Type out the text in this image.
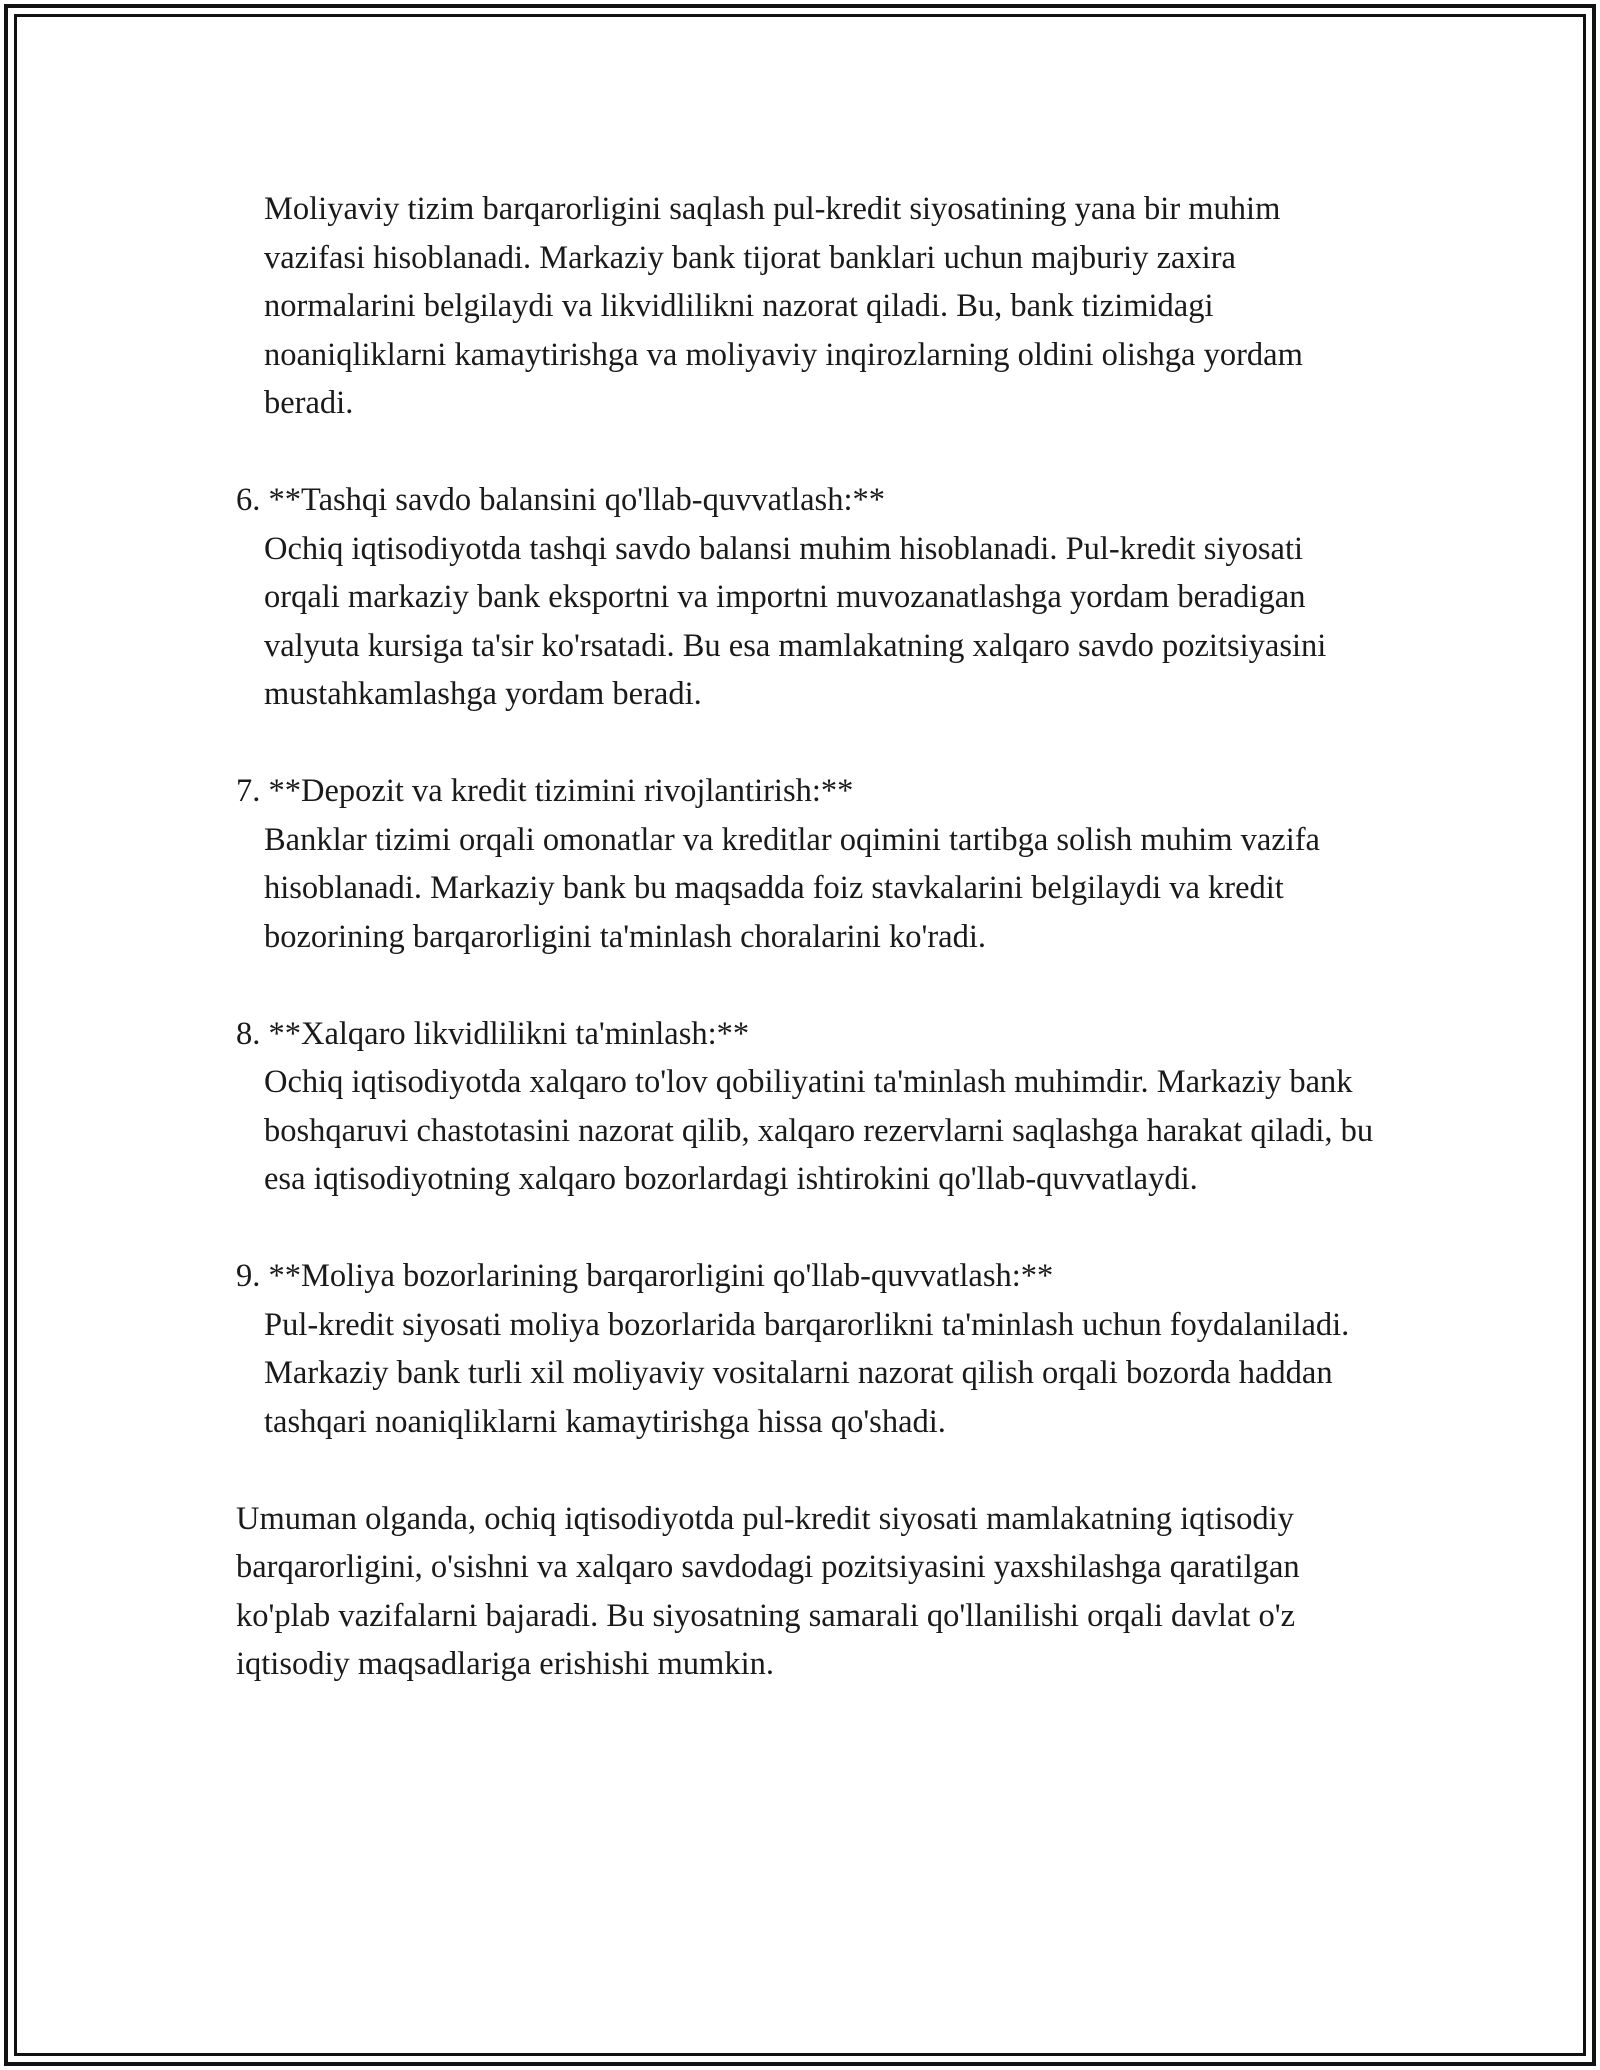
Moliyaviy tizim barqarorligini saqlash pul-kredit siyosatining yana bir muhim vazifasi hisoblanadi. Markaziy bank tijorat banklari uchun majburiy zaxira normalarini belgilaydi va likvidlilikni nazorat qiladi. Bu, bank tizimidagi noaniqliklarni kamaytirishga va moliyaviy inqirozlarning oldini olishga yordam beradi.

6. **Tashqi savdo balansini qo'llab-quvvatlash:**

Ochiq iqtisodiyotda tashqi savdo balansi muhim hisoblanadi. Pul-kredit siyosati orqali markaziy bank eksportni va importni muvozanatlashga yordam beradigan valyuta kursiga ta'sir ko'rsatadi. Bu esa mamlakatning xalqaro savdo pozitsiyasini mustahkamlashga yordam beradi.

7. **Depozit va kredit tizimini rivojlantirish:**

Banklar tizimi orqali omonatlar va kreditlar oqimini tartibga solish muhim vazifa hisoblanadi. Markaziy bank bu maqsadda foiz stavkalarini belgilaydi va kredit bozorining barqarorligini ta'minlash choralarini ko'radi.

8. **Xalqaro likvidlilikni ta'minlash:**

Ochiq iqtisodiyotda xalqaro to'lov qobiliyatini ta'minlash muhimdir. Markaziy bank boshqaruvi chastotasini nazorat qilib, xalqaro rezervlarni saqlashga harakat qiladi, bu esa iqtisodiyotning xalqaro bozorlardagi ishtirokini qo'llab-quvvatlaydi.

9. **Moliya bozorlarining barqarorligini qo'llab-quvvatlash:**

Pul-kredit siyosati moliya bozorlarida barqarorlikni ta'minlash uchun foydalaniladi. Markaziy bank turli xil moliyaviy vositalarni nazorat qilish orqali bozorda haddan tashqari noaniqliklarni kamaytirishga hissa qo'shadi.

Umuman olganda, ochiq iqtisodiyotda pul-kredit siyosati mamlakatning iqtisodiy barqarorligini, o'sishni va xalqaro savdodagi pozitsiyasini yaxshilashga qaratilgan ko'plab vazifalarni bajaradi. Bu siyosatning samarali qo'llanilishi orqali davlat o'z iqtisodiy maqsadlariga erishishi mumkin.
